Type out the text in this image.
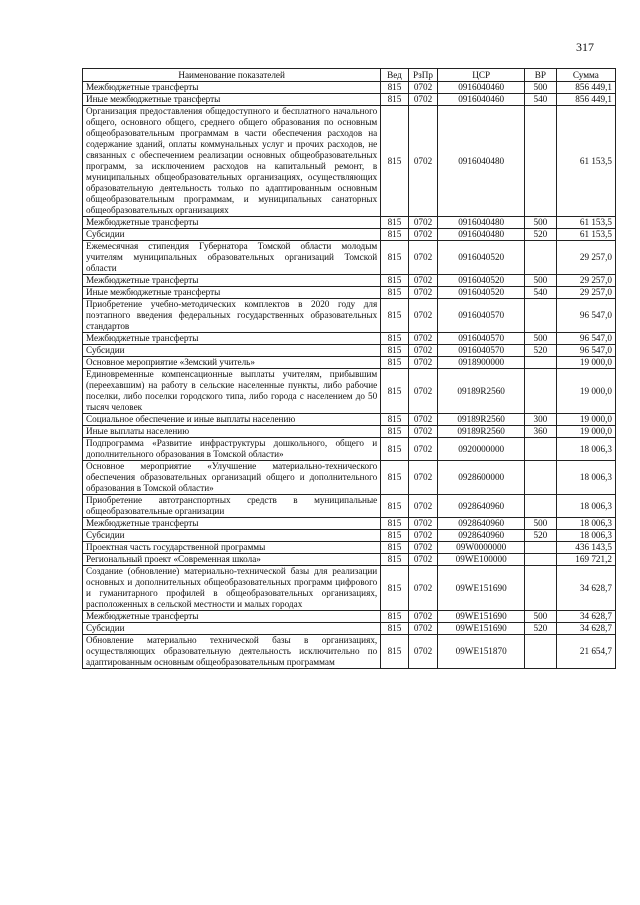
317
Наименование показателей	Вед	РзПр	ЦСР	ВР	Сумма
Межбюджетные трансферты	815	0702	0916040460	500	856 449,1
Иные межбюджетные трансферты	815	0702	0916040460	540	856 449,1
Организация предоставления общедоступного и бесплатного начального общего, основного общего, среднего общего образования по основным общеобразовательным программам в части обеспечения расходов на содержание зданий, оплаты коммунальных услуг и прочих расходов, не связанных с обеспечением реализации основных общеобразовательных программ, за исключением расходов на капитальный ремонт, в муниципальных общеобразовательных организациях, осуществляющих образовательную деятельность только по адаптированным основным общеобразовательным программам, и муниципальных санаторных общеобразовательных организациях	815	0702	0916040480		61 153,5
Межбюджетные трансферты	815	0702	0916040480	500	61 153,5
Субсидии	815	0702	0916040480	520	61 153,5
Ежемесячная стипендия Губернатора Томской области молодым учителям муниципальных образовательных организаций Томской области	815	0702	0916040520		29 257,0
Межбюджетные трансферты	815	0702	0916040520	500	29 257,0
Иные межбюджетные трансферты	815	0702	0916040520	540	29 257,0
Приобретение учебно-методических комплектов в 2020 году для поэтапного введения федеральных государственных образовательных стандартов	815	0702	0916040570		96 547,0
Межбюджетные трансферты	815	0702	0916040570	500	96 547,0
Субсидии	815	0702	0916040570	520	96 547,0
Основное мероприятие «Земский учитель»	815	0702	0918900000		19 000,0
Единовременные компенсационные выплаты учителям, прибывшим (переехавшим) на работу в сельские населенные пункты, либо рабочие поселки, либо поселки городского типа, либо города с населением до 50 тысяч человек	815	0702	09189R2560		19 000,0
Социальное обеспечение и иные выплаты населению	815	0702	09189R2560	300	19 000,0
Иные выплаты населению	815	0702	09189R2560	360	19 000,0
Подпрограмма «Развитие инфраструктуры дошкольного, общего и дополнительного образования в Томской области»	815	0702	0920000000		18 006,3
Основное мероприятие «Улучшение материально-технического обеспечения образовательных организаций общего и дополнительного образования в Томской области»	815	0702	0928600000		18 006,3
Приобретение автотранспортных средств в муниципальные общеобразовательные организации	815	0702	0928640960		18 006,3
Межбюджетные трансферты	815	0702	0928640960	500	18 006,3
Субсидии	815	0702	0928640960	520	18 006,3
Проектная часть государственной программы	815	0702	09W0000000		436 143,5
Региональный проект «Современная школа»	815	0702	09WE100000		169 721,2
Создание (обновление) материально-технической базы для реализации основных и дополнительных общеобразовательных программ цифрового и гуманитарного профилей в общеобразовательных организациях, расположенных в сельской местности и малых городах	815	0702	09WE151690		34 628,7
Межбюджетные трансферты	815	0702	09WE151690	500	34 628,7
Субсидии	815	0702	09WE151690	520	34 628,7
Обновление материально технической базы в организациях, осуществляющих образовательную деятельность исключительно по адаптированным основным общеобразовательным программам	815	0702	09WE151870		21 654,7
